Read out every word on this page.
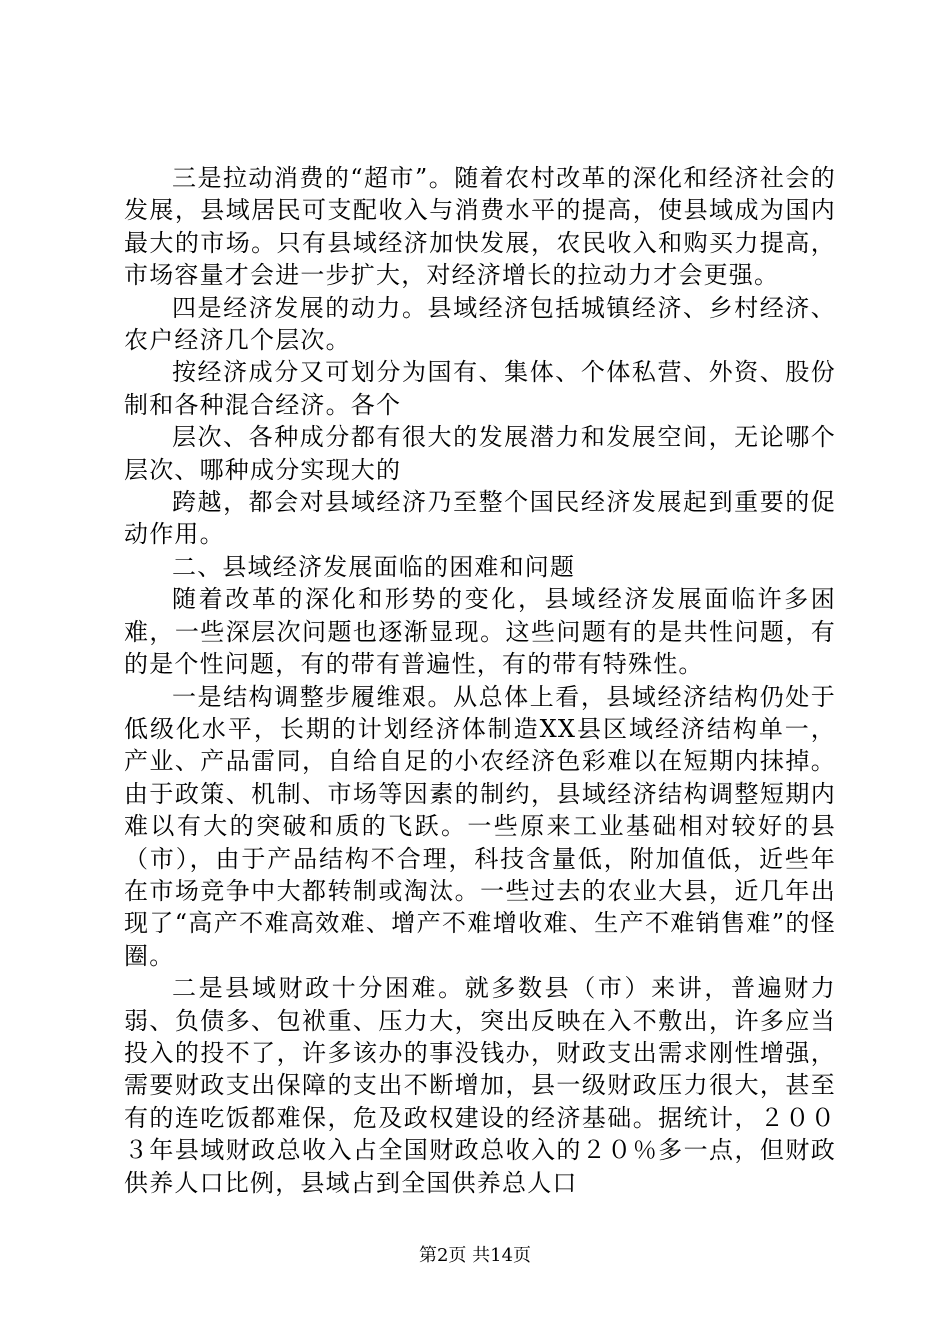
三是拉动消费的“超市”。随着农村改革的深化和经济社会的发展，县域居民可支配收入与消费水平的提高，使县域成为国内最大的市场。只有县域经济加快发展，农民收入和购买力提高，市场容量才会进一步扩大，对经济增长的拉动力才会更强。

四是经济发展的动力。县域经济包括城镇经济、乡村经济、农户经济几个层次。

按经济成分又可划分为国有、集体、个体私营、外资、股份制和各种混合经济。各个

层次、各种成分都有很大的发展潜力和发展空间，无论哪个层次、哪种成分实现大的

跨越，都会对县域经济乃至整个国民经济发展起到重要的促动作用。

二、县域经济发展面临的困难和问题

随着改革的深化和形势的变化，县域经济发展面临许多困难，一些深层次问题也逐渐显现。这些问题有的是共性问题，有的是个性问题，有的带有普遍性，有的带有特殊性。

一是结构调整步履维艰。从总体上看，县域经济结构仍处于低级化水平，长期的计划经济体制造XX县区域经济结构单一，产业、产品雷同，自给自足的小农经济色彩难以在短期内抹掉。由于政策、机制、市场等因素的制约，县域经济结构调整短期内难以有大的突破和质的飞跃。一些原来工业基础相对较好的县（市），由于产品结构不合理，科技含量低，附加值低，近些年在市场竞争中大都转制或淘汰。一些过去的农业大县，近几年出现了“高产不难高效难、增产不难增收难、生产不难销售难”的怪圈。

二是县域财政十分困难。就多数县（市）来讲，普遍财力弱、负债多、包袱重、压力大，突出反映在入不敷出，许多应当投入的投不了，许多该办的事没钱办，财政支出需求刚性增强，需要财政支出保障的支出不断增加，县一级财政压力很大，甚至有的连吃饭都难保，危及政权建设的经济基础。据统计，２００３年县域财政总收入占全国财政总收入的２０％多一点，但财政供养人口比例，县域占到全国供养总人口

第2页 共14页
